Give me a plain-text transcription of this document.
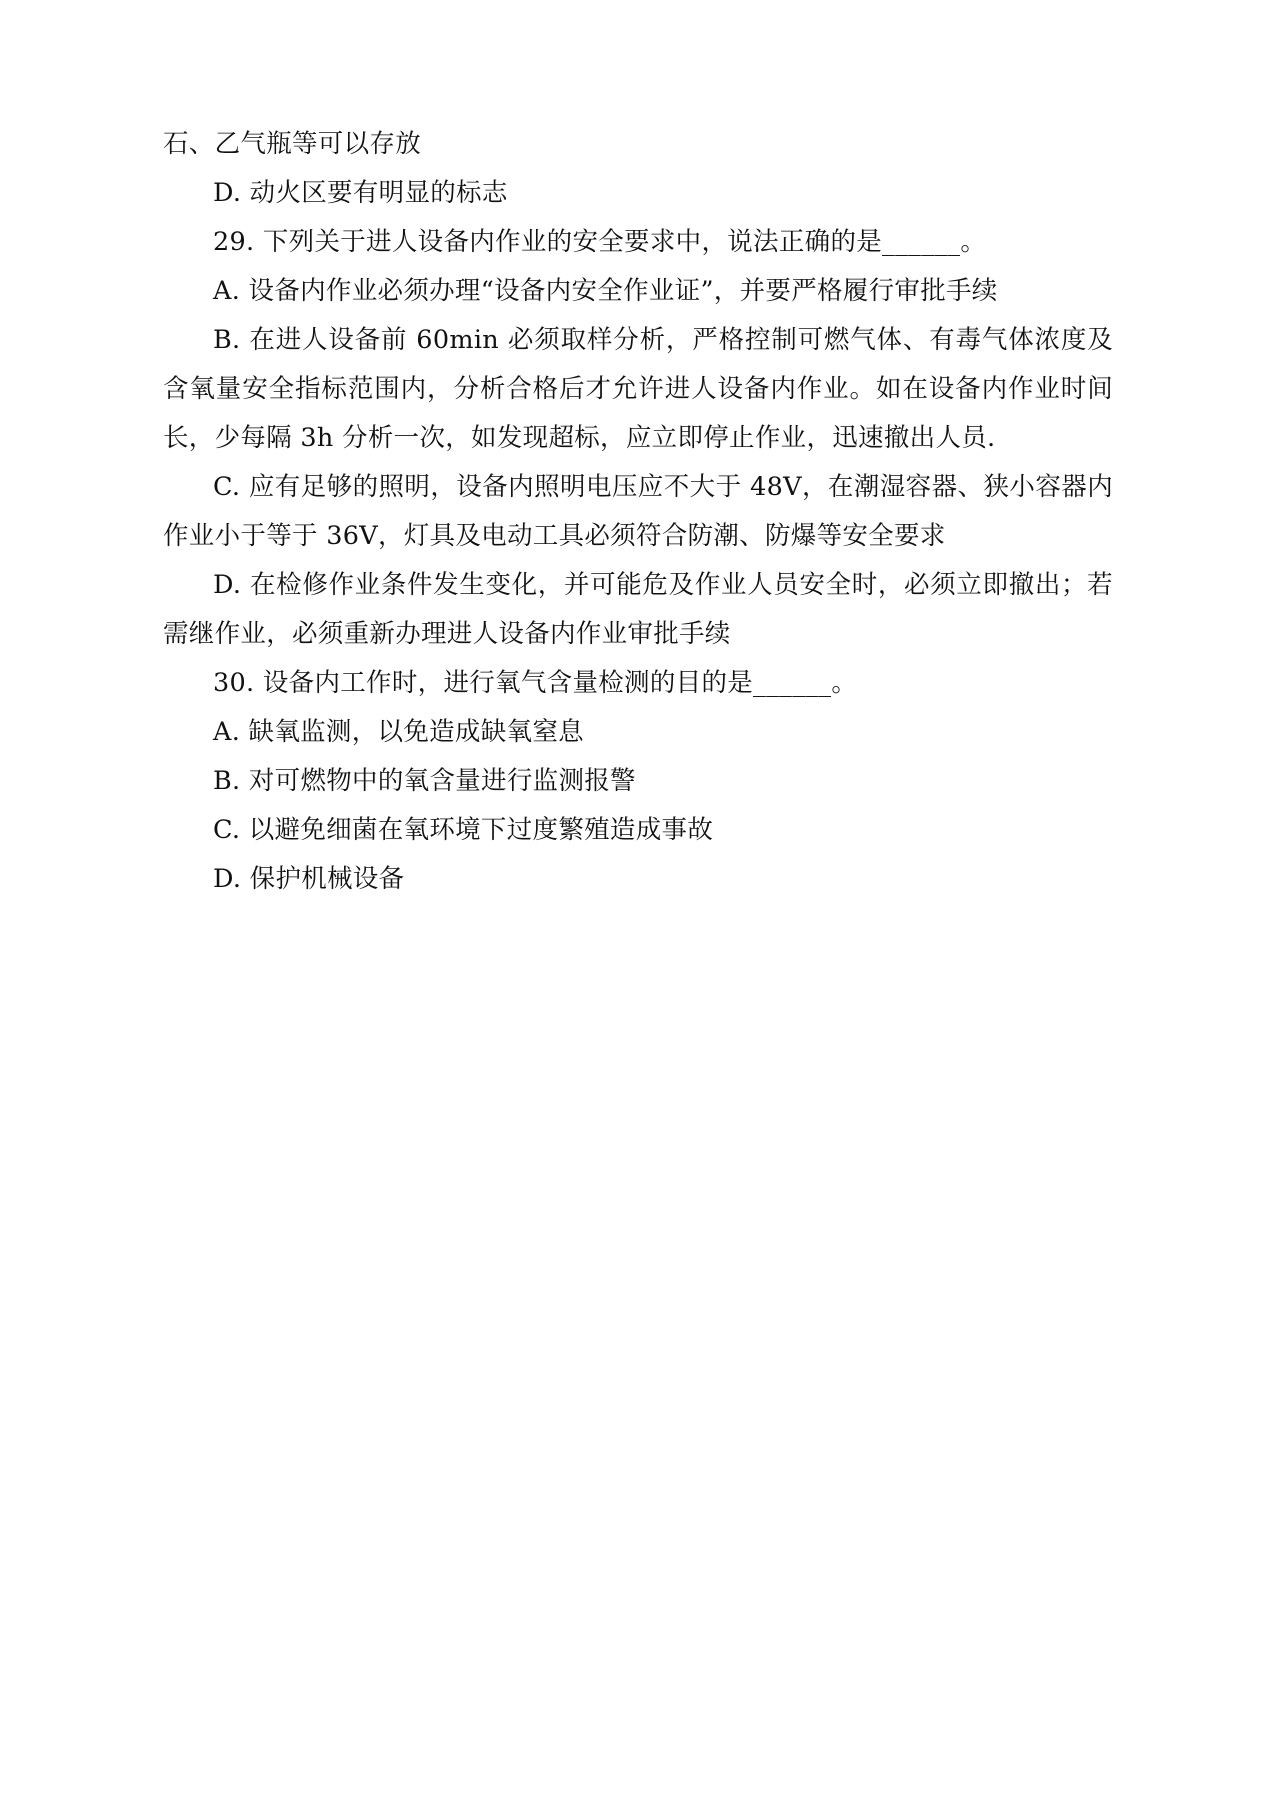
石、乙气瓶等可以存放

D. 动火区要有明显的标志

29. 下列关于进人设备内作业的安全要求中，说法正确的是______。

A. 设备内作业必须办理“设备内安全作业证”，并要严格履行审批手续

B. 在进人设备前 60min 必须取样分析，严格控制可燃气体、有毒气体浓度及含氧量安全指标范围内，分析合格后才允许进人设备内作业。如在设备内作业时间长，少每隔 3h 分析一次，如发现超标，应立即停止作业，迅速撤出人员.

C. 应有足够的照明，设备内照明电压应不大于 48V，在潮湿容器、狭小容器内作业小于等于 36V，灯具及电动工具必须符合防潮、防爆等安全要求

D. 在检修作业条件发生变化，并可能危及作业人员安全时，必须立即撤出；若需继作业，必须重新办理进人设备内作业审批手续

30. 设备内工作时，进行氧气含量检测的目的是______。

A. 缺氧监测，以免造成缺氧窒息

B. 对可燃物中的氧含量进行监测报警

C. 以避免细菌在氧环境下过度繁殖造成事故

D. 保护机械设备
